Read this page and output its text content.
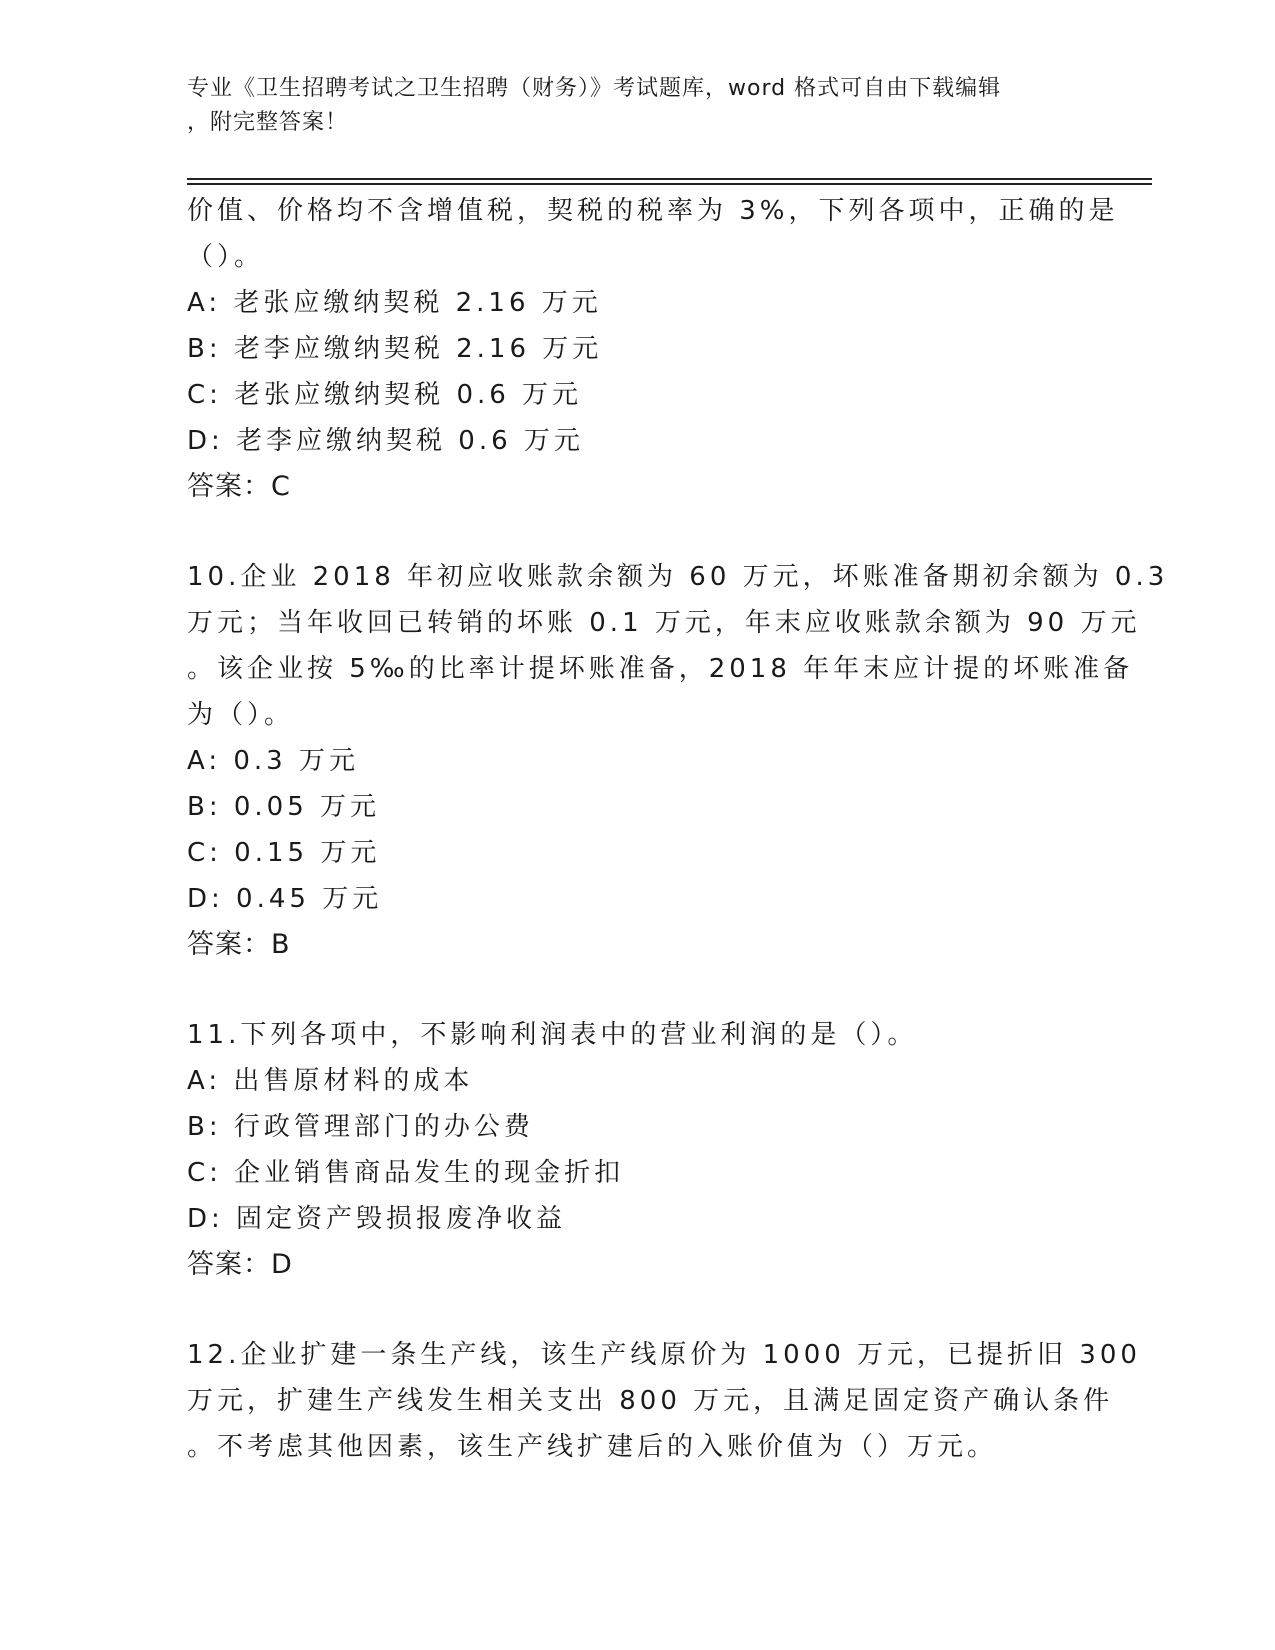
专业《卫生招聘考试之卫生招聘（财务）》考试题库，word 格式可自由下载编辑
，附完整答案！
价值、价格均不含增值税，契税的税率为 3%，下列各项中，正确的是
（）。
A: 老张应缴纳契税 2.16 万元
B: 老李应缴纳契税 2.16 万元
C: 老张应缴纳契税 0.6 万元
D: 老李应缴纳契税 0.6 万元
答案：C
10.企业 2018 年初应收账款余额为 60 万元，坏账准备期初余额为 0.3
万元；当年收回已转销的坏账 0.1 万元，年末应收账款余额为 90 万元
。该企业按 5‰的比率计提坏账准备，2018 年年末应计提的坏账准备
为（）。
A: 0.3 万元
B: 0.05 万元
C: 0.15 万元
D: 0.45 万元
答案：B
11.下列各项中，不影响利润表中的营业利润的是（）。
A: 出售原材料的成本
B: 行政管理部门的办公费
C: 企业销售商品发生的现金折扣
D: 固定资产毁损报废净收益
答案：D
12.企业扩建一条生产线，该生产线原价为 1000 万元，已提折旧 300
万元，扩建生产线发生相关支出 800 万元，且满足固定资产确认条件
。不考虑其他因素，该生产线扩建后的入账价值为（）万元。
